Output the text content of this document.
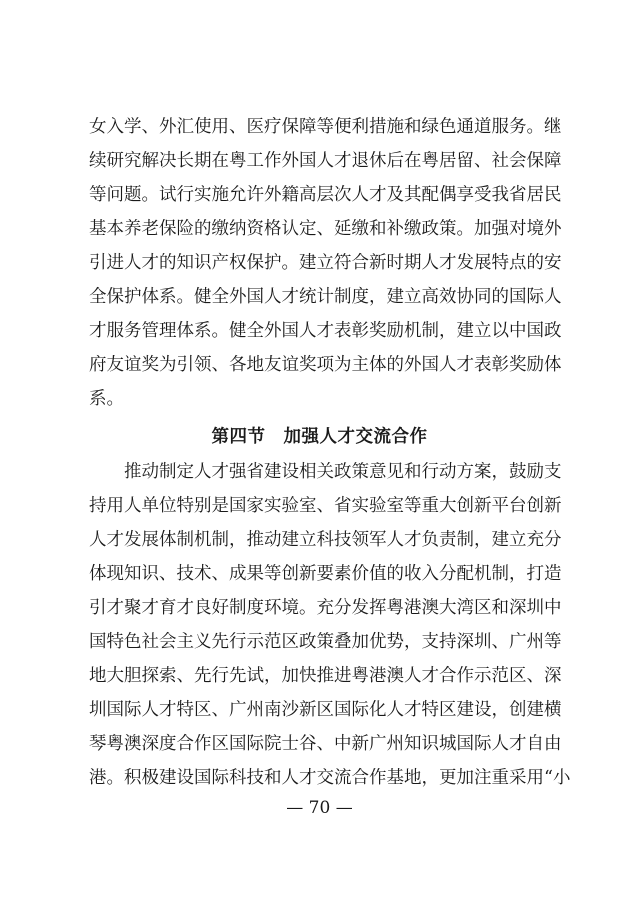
女入学、外汇使用、医疗保障等便利措施和绿色通道服务。继
续研究解决长期在粤工作外国人才退休后在粤居留、社会保障
等问题。试行实施允许外籍高层次人才及其配偶享受我省居民
基本养老保险的缴纳资格认定、延缴和补缴政策。加强对境外
引进人才的知识产权保护。建立符合新时期人才发展特点的安
全保护体系。健全外国人才统计制度，建立高效协同的国际人
才服务管理体系。健全外国人才表彰奖励机制，建立以中国政
府友谊奖为引领、各地友谊奖项为主体的外国人才表彰奖励体
系。
第四节　加强人才交流合作
推动制定人才强省建设相关政策意见和行动方案，鼓励支
持用人单位特别是国家实验室、省实验室等重大创新平台创新
人才发展体制机制，推动建立科技领军人才负责制，建立充分
体现知识、技术、成果等创新要素价值的收入分配机制，打造
引才聚才育才良好制度环境。充分发挥粤港澳大湾区和深圳中
国特色社会主义先行示范区政策叠加优势，支持深圳、广州等
地大胆探索、先行先试，加快推进粤港澳人才合作示范区、深
圳国际人才特区、广州南沙新区国际化人才特区建设，创建横
琴粤澳深度合作区国际院士谷、中新广州知识城国际人才自由
港。积极建设国际科技和人才交流合作基地，更加注重采用“小
— 70 —
